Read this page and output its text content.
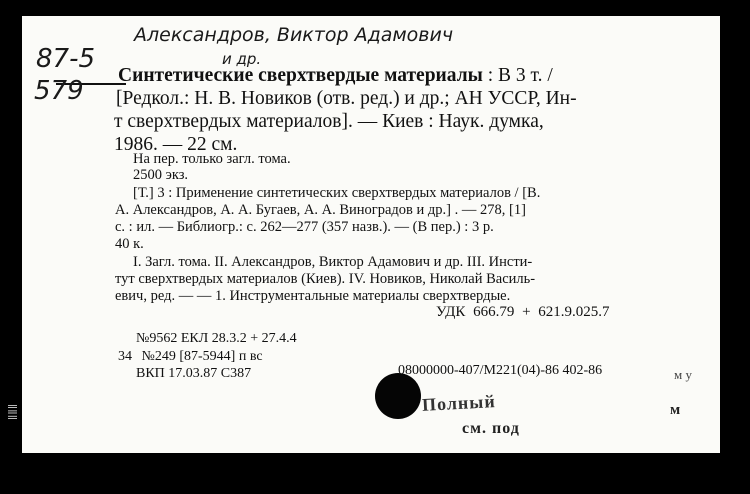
87-5
579
Александров, Виктор Адамович
и др.
Синтетические сверхтвердые материалы : В 3 т. /
[Редкол.: Н. В. Новиков (отв. ред.) и др.; АН УССР, Ин-
т сверхтвердых материалов]. — Киев : Наук. думка,
1986. — 22 см.
На пер. только загл. тома.
2500 экз.
[Т.] 3 : Применение синтетических сверхтвердых материалов / [В.
А. Александров, А. А. Бугаев, А. А. Виноградов и др.] . — 278, [1]
с. : ил. — Библиогр.: с. 262—277 (357 назв.). — (В пер.) : 3 р.
40 к.
I. Загл. тома. II. Александров, Виктор Адамович и др. III. Инсти-
тут сверхтвердых материалов (Киев). IV. Новиков, Николай Василь-
евич, ред. — — 1. Инструментальные материалы сверхтвердые.
УДК 666.79 + 621.9.025.7
№9562 ЕКЛ 28.3.2 + 27.4.4
34 №249 [87-5944] п вс
ВКП 17.03.87 С387	08000000-407/М221(04)-86 402-86	м у
Полный
см. под
м
‖‖‖
